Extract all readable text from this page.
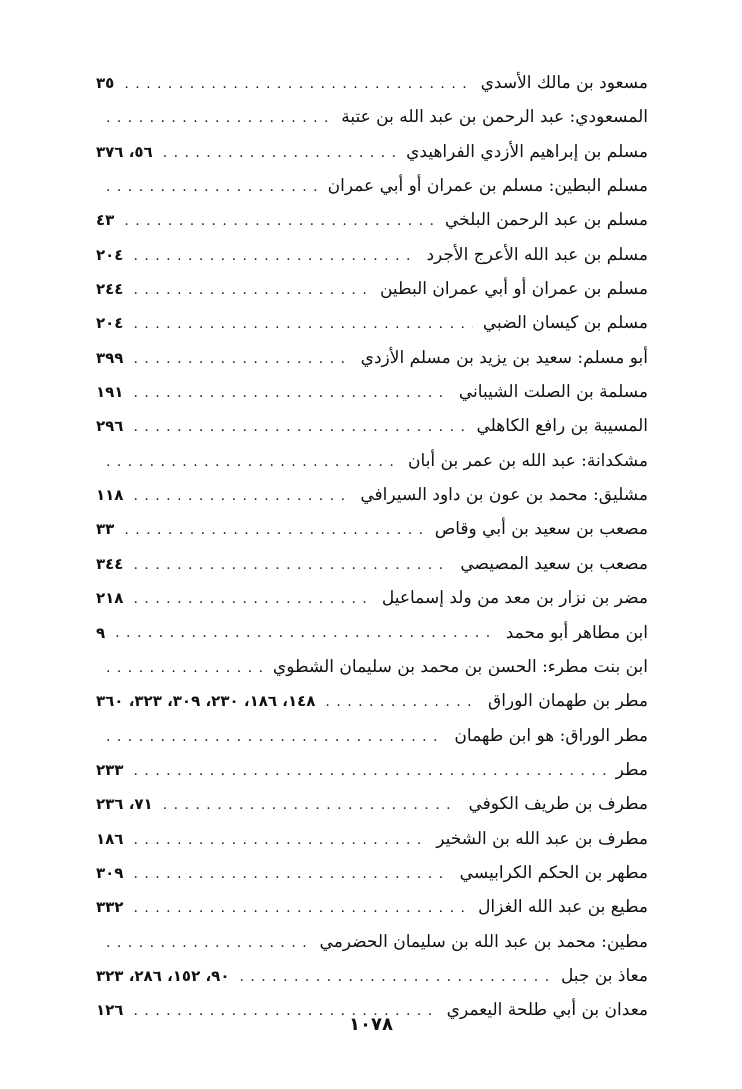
مسعود بن مالك الأسدي
. . .
٣٥
المسعودي: عبد الرحمن بن عبد الله بن عتبة
. . .
مسلم بن إبراهيم الأزدي الفراهيدي
. . .
٥٦، ٣٧٦
مسلم البطين: مسلم بن عمران أو أبي عمران
. . .
مسلم بن عبد الرحمن البلخي
. . .
٤٣
مسلم بن عبد الله الأعرج الأجرد
. . .
٢٠٤
مسلم بن عمران أو أبي عمران البطين
. . .
٢٤٤
مسلم بن كيسان الضبي
. . .
٢٠٤
أبو مسلم: سعيد بن يزيد بن مسلم الأزدي
. . .
٣٩٩
مسلمة بن الصلت الشيباني
. . .
١٩١
المسيبة بن رافع الكاهلي
. . .
٢٩٦
مشكدانة: عبد الله بن عمر بن أبان
. . .
مشليق: محمد بن عون بن داود السيرافي
. . .
١١٨
مصعب بن سعيد بن أبي وقاص
. . .
٣٣
مصعب بن سعيد المصيصي
. . .
٣٤٤
مضر بن نزار بن معد من ولد إسماعيل
. . .
٢١٨
ابن مطاهر أبو محمد
. . .
٩
ابن بنت مطرء: الحسن بن محمد بن سليمان الشطوي
. . .
مطر بن طهمان الوراق
. . .
١٤٨، ١٨٦، ٢٣٠، ٣٠٩، ٣٢٣، ٣٦٠
مطر الوراق: هو ابن طهمان
. . .
مطر
. . .
٢٣٣
مطرف بن طريف الكوفي
. . .
٧١، ٢٣٦
مطرف بن عبد الله بن الشخير
. . .
١٨٦
مطهر بن الحكم الكرابيسي
. . .
٣٠٩
مطيع بن عبد الله الغزال
. . .
٣٣٢
مطين: محمد بن عبد الله بن سليمان الحضرمي
. . .
معاذ بن جبل
. . .
٩٠، ١٥٢، ٢٨٦، ٣٢٣
معدان بن أبي طلحة اليعمري
. . .
١٢٦
١٠٧٨
